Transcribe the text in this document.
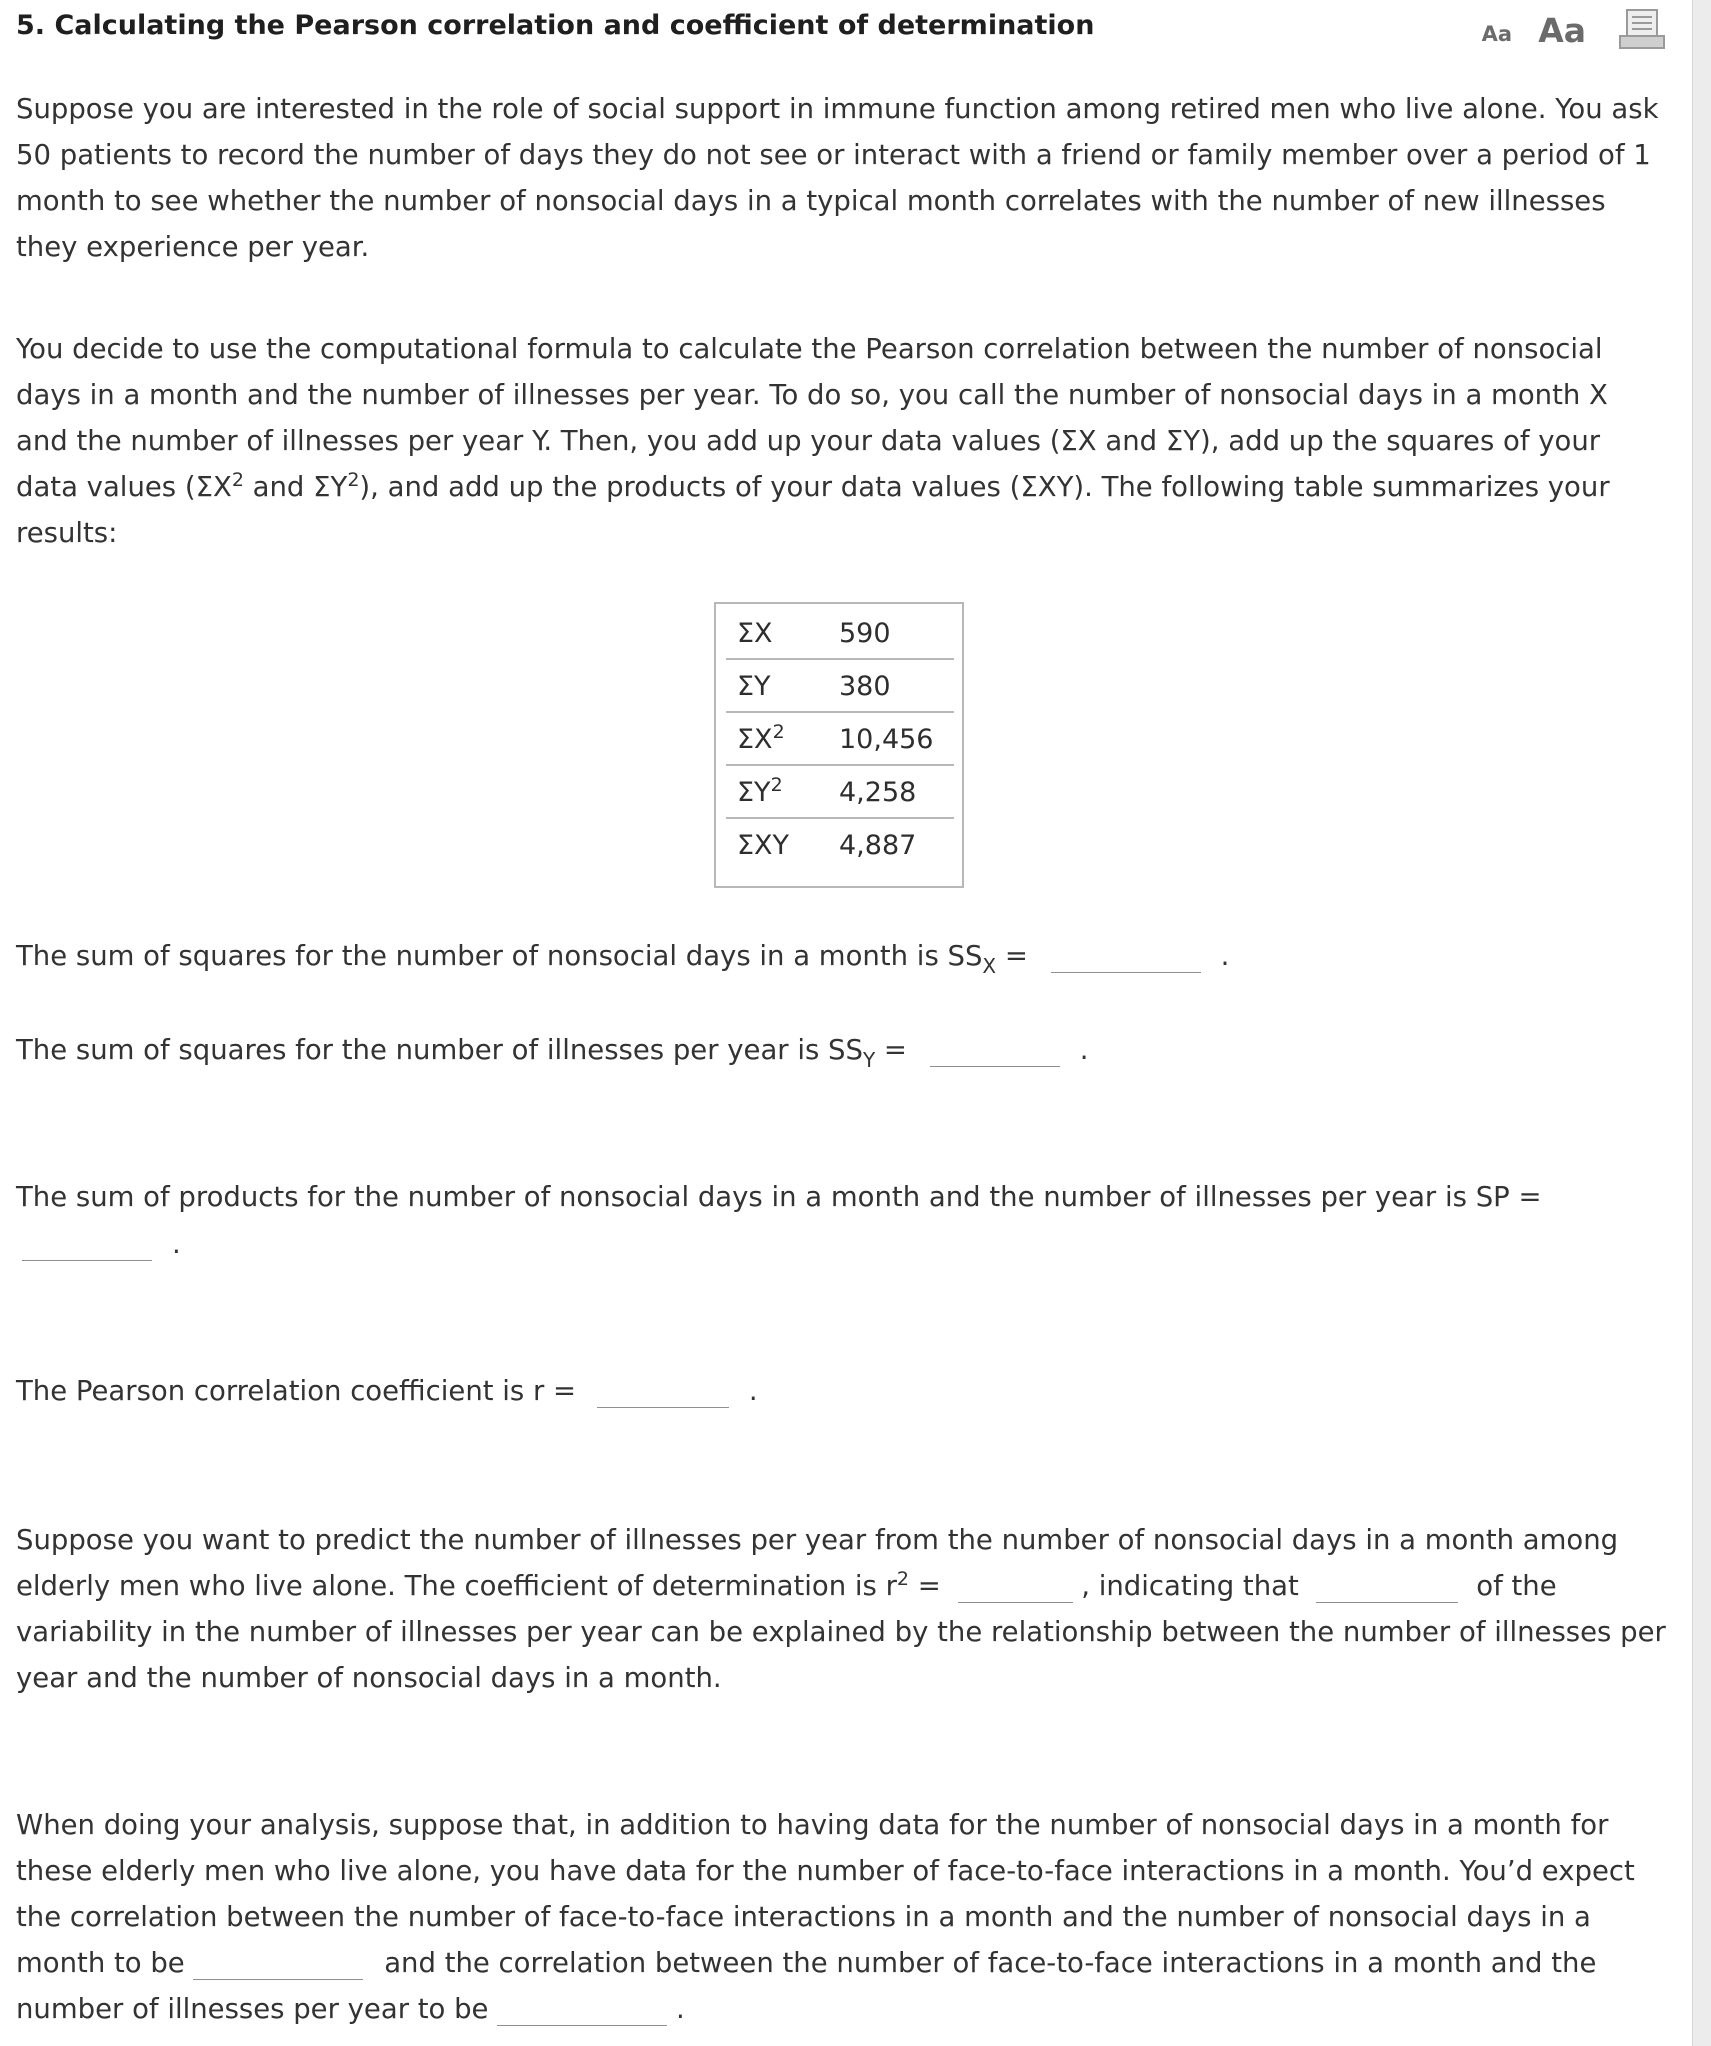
5. Calculating the Pearson correlation and coefficient of determination	Aa Aa
Suppose you are interested in the role of social support in immune function among retired men who live alone. You ask 50 patients to record the number of days they do not see or interact with a friend or family member over a period of 1 month to see whether the number of nonsocial days in a typical month correlates with the number of new illnesses they experience per year.
You decide to use the computational formula to calculate the Pearson correlation between the number of nonsocial days in a month and the number of illnesses per year. To do so, you call the number of nonsocial days in a month X and the number of illnesses per year Y. Then, you add up your data values (ΣX and ΣY), add up the squares of your data values ($\Sigma X^2$ and $\Sigma Y^2$), and add up the products of your data values (ΣXY). The following table summarizes your results:
ΣX 590
ΣY	380
$\Sigma X^2$ 10,456
$\Sigma Y^2$ 4,258
ΣXY 4,887
The sum of squares for the number of nonsocial days in a month is $SS_X$ =	.
The sum of squares for the number of illnesses per year is $SS_Y$ =	.
The sum of products for the number of nonsocial days in a month and the number of illnesses per year is SP =
.
The Pearson correlation coefficient is r =	.
Suppose you want to predict the number of illnesses per year from the number of nonsocial days in a month among elderly men who live alone. The coefficient of determination is $r^2$ =	, indicating that	of the variability in the number of illnesses per year can be explained by the relationship between the number of illnesses per year and the number of nonsocial days in a month.
When doing your analysis, suppose that, in addition to having data for the number of nonsocial days in a month for these elderly men who live alone, you have data for the number of face-to-face interactions in a month. You’d expect the correlation between the number of face-to-face interactions in a month and the number of nonsocial days in a month to be	and the correlation between the number of face-to-face interactions in a month and the number of illnesses per year to be	.
